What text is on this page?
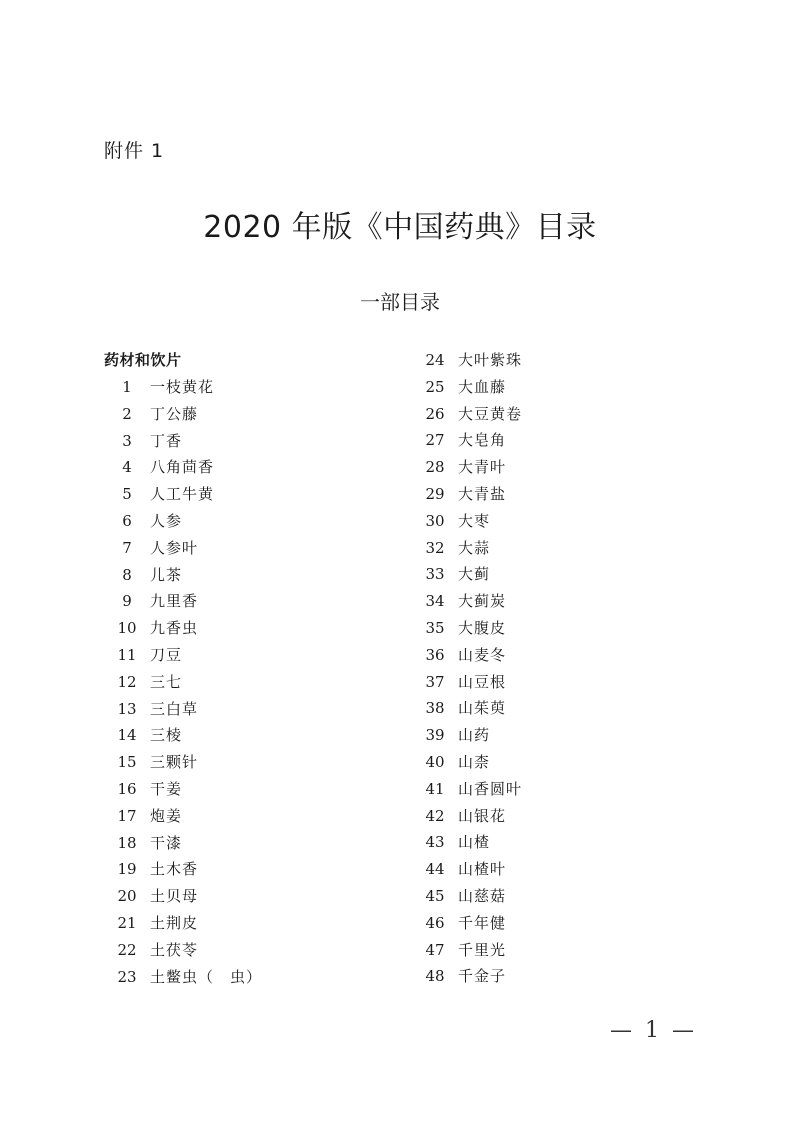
附件 1
2020 年版《中国药典》目录
一部目录
药材和饮片
1 一枝黄花
2 丁公藤
3 丁香
4 八角茴香
5 人工牛黄
6 人参
7 人参叶
8 儿茶
9 九里香
10 九香虫
11 刀豆
12 三七
13 三白草
14 三棱
15 三颗针
16 干姜
17 炮姜
18 干漆
19 土木香
20 土贝母
21 土荆皮
22 土茯苓
23 土鳖虫（　虫）
24 大叶紫珠
25 大血藤
26 大豆黄卷
27 大皂角
28 大青叶
29 大青盐
30 大枣
32 大蒜
33 大蓟
34 大蓟炭
35 大腹皮
36 山麦冬
37 山豆根
38 山茱萸
39 山药
40 山柰
41 山香圆叶
42 山银花
43 山楂
44 山楂叶
45 山慈菇
46 千年健
47 千里光
48 千金子
— 1 —
